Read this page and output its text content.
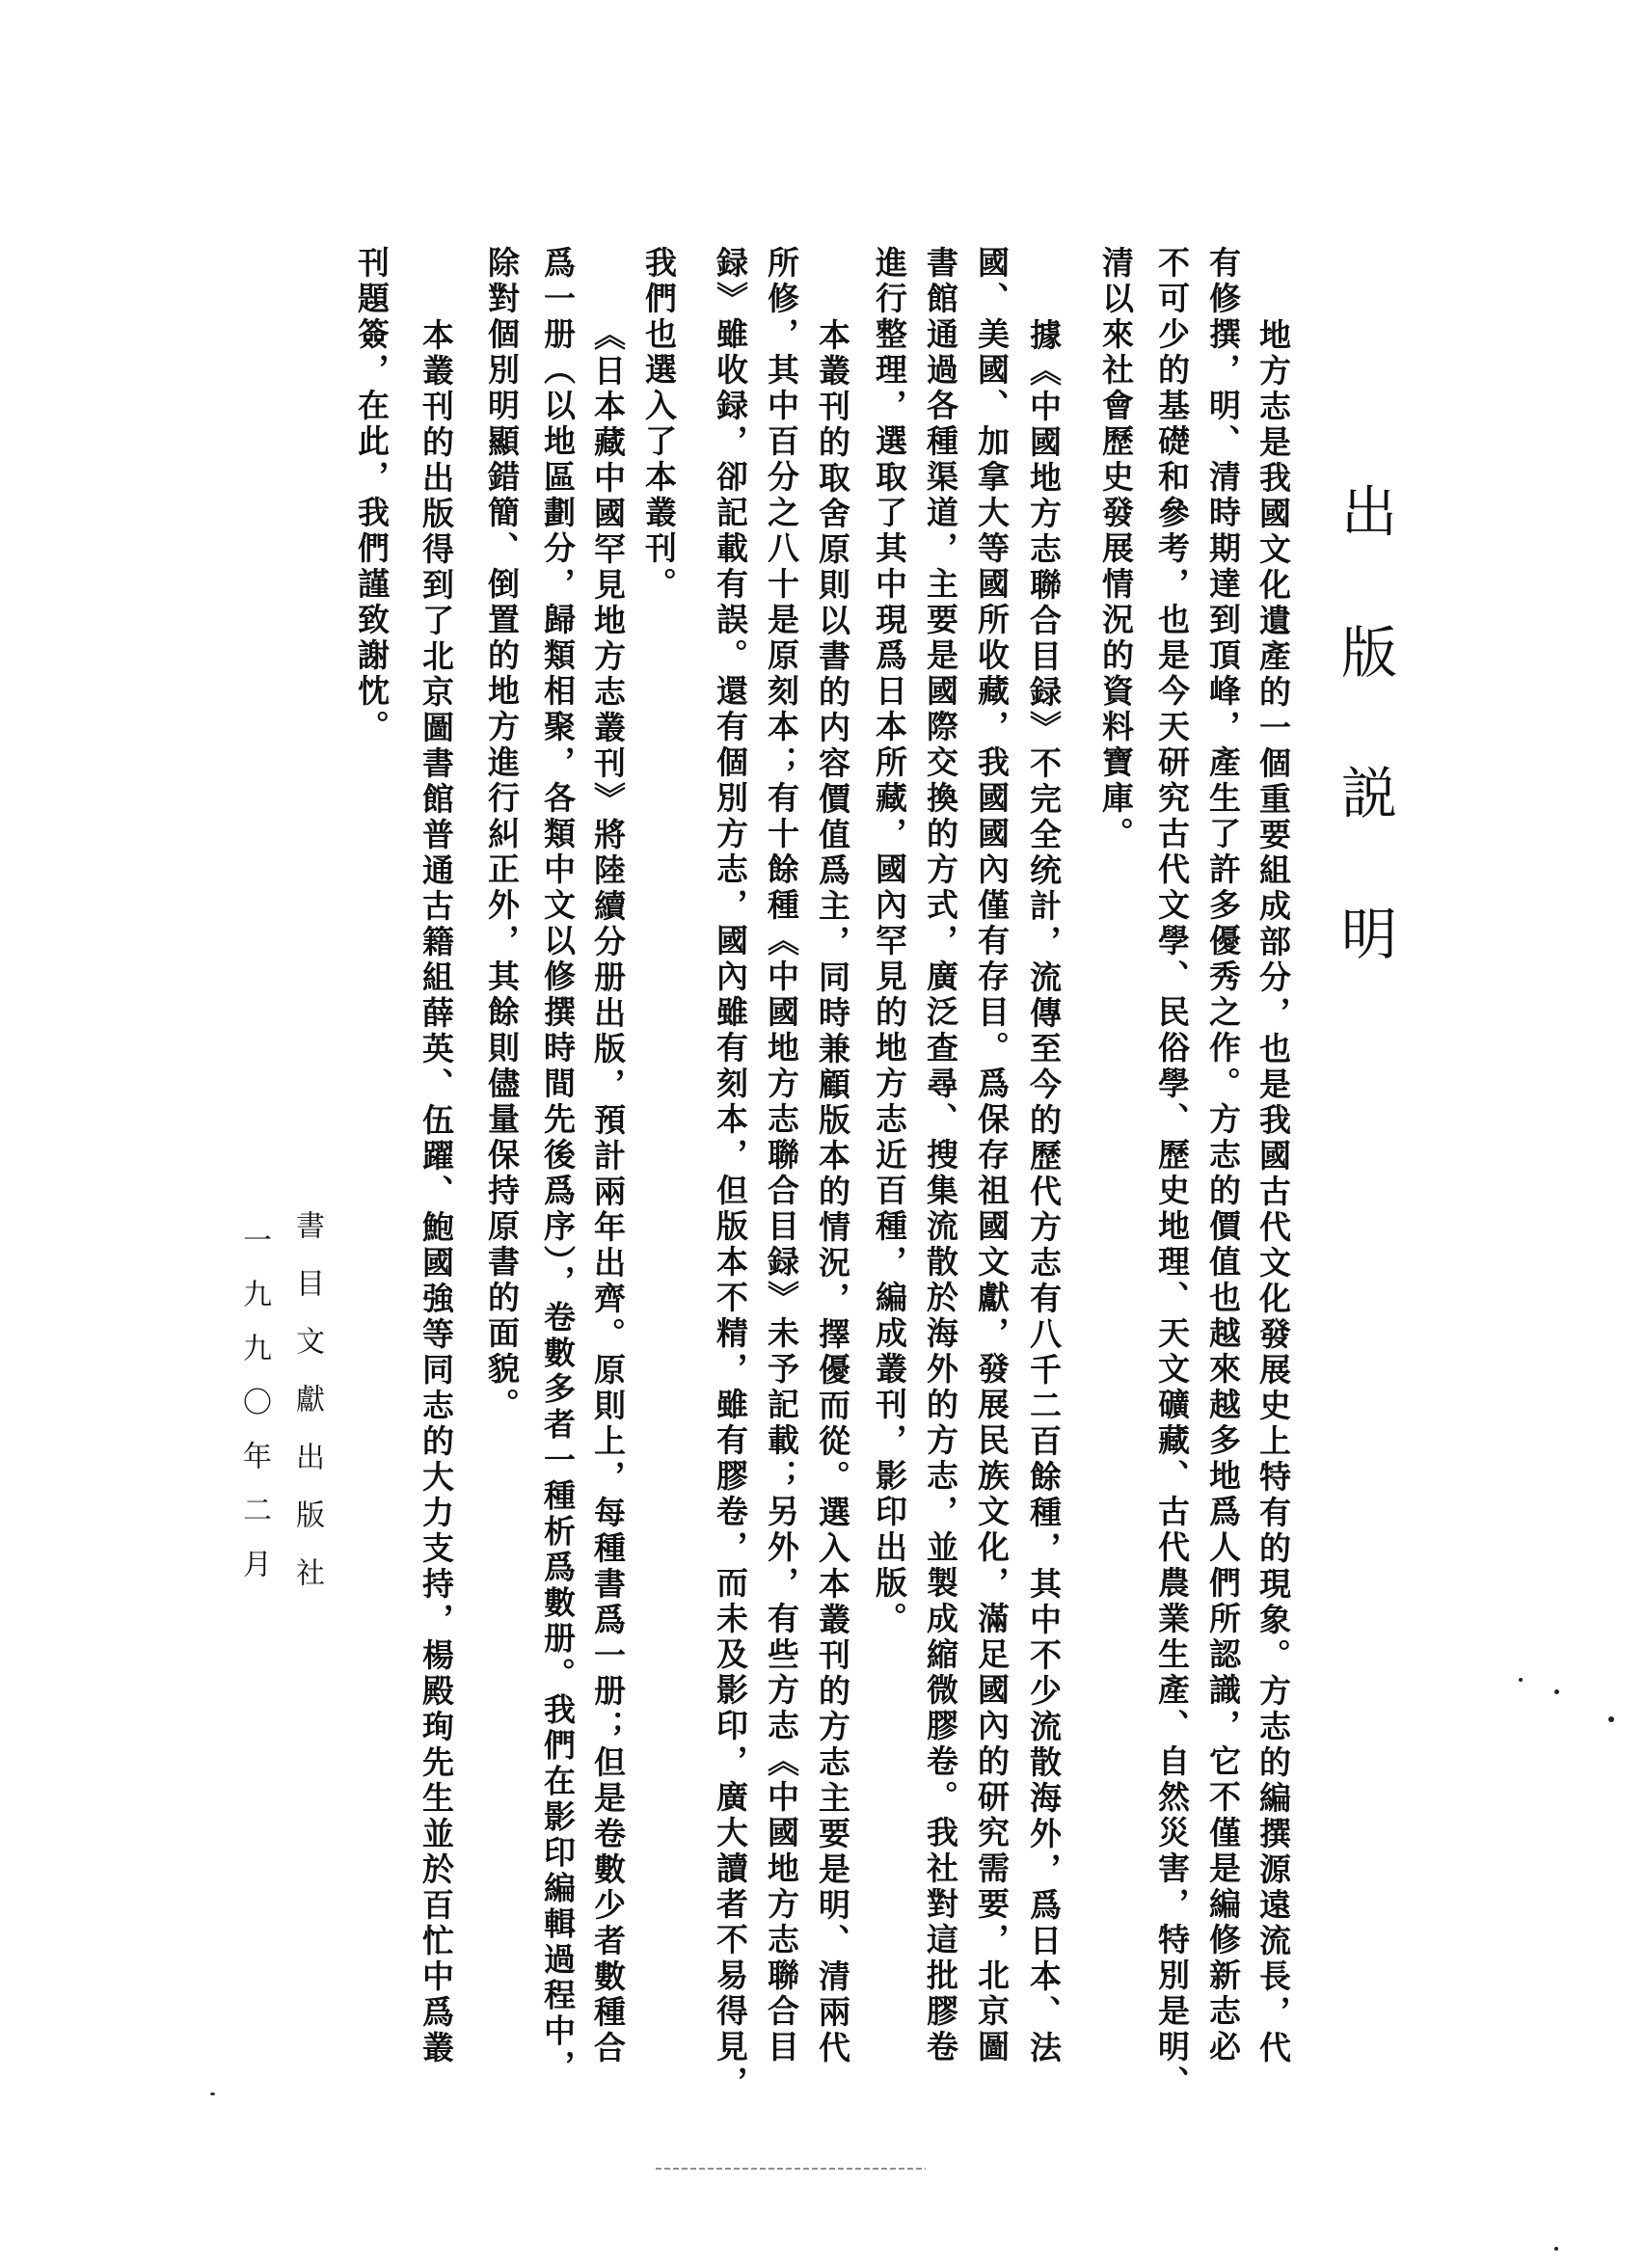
出版説明
地方志是我國文化遺產的一個重要組成部分，也是我國古代文化發展史上特有的現象。方志的編撰源遠流長，代
有修撰，明、清時期達到頂峰，產生了許多優秀之作。方志的價值也越來越多地爲人們所認識，它不僅是編修新志必
不可少的基礎和參考，也是今天研究古代文學、民俗學、歷史地理、天文礦藏、古代農業生產、自然災害，特別是明、
清以來社會歷史發展情況的資料寶庫。
據《中國地方志聯合目録》不完全统計，流傳至今的歷代方志有八千二百餘種，其中不少流散海外，爲日本、法
國、美國、加拿大等國所收藏，我國國內僅有存目。爲保存祖國文獻，發展民族文化，滿足國內的研究需要，北京圖
書館通過各種渠道，主要是國際交換的方式，廣泛查尋、搜集流散於海外的方志，並製成縮微膠卷。我社對這批膠卷
進行整理，選取了其中現爲日本所藏，國內罕見的地方志近百種，編成叢刊，影印出版。
本叢刊的取舍原則以書的内容價值爲主，同時兼顧版本的情況，擇優而從。選入本叢刊的方志主要是明、清兩代
所修，其中百分之八十是原刻本；有十餘種《中國地方志聯合目録》未予記載；另外，有些方志《中國地方志聯合目
録》雖收録，卻記載有誤。還有個別方志，國內雖有刻本，但版本不精，雖有膠卷，而未及影印，廣大讀者不易得見，
我們也選入了本叢刊。
《日本藏中國罕見地方志叢刊》將陸續分册出版，預計兩年出齊。原則上，每種書爲一册；但是卷數少者數種合
爲一册（以地區劃分，歸類相聚，各類中文以修撰時間先後爲序），卷數多者一種析爲數册。我們在影印編輯過程中，
除對個別明顯錯簡、倒置的地方進行糾正外，其餘則儘量保持原書的面貌。
本叢刊的出版得到了北京圖書館普通古籍組薛英、伍躍、鮑國強等同志的大力支持，楊殿珣先生並於百忙中爲叢
刊題簽，在此，我們謹致謝忱。
書目文獻出版社
一九九〇年二月
